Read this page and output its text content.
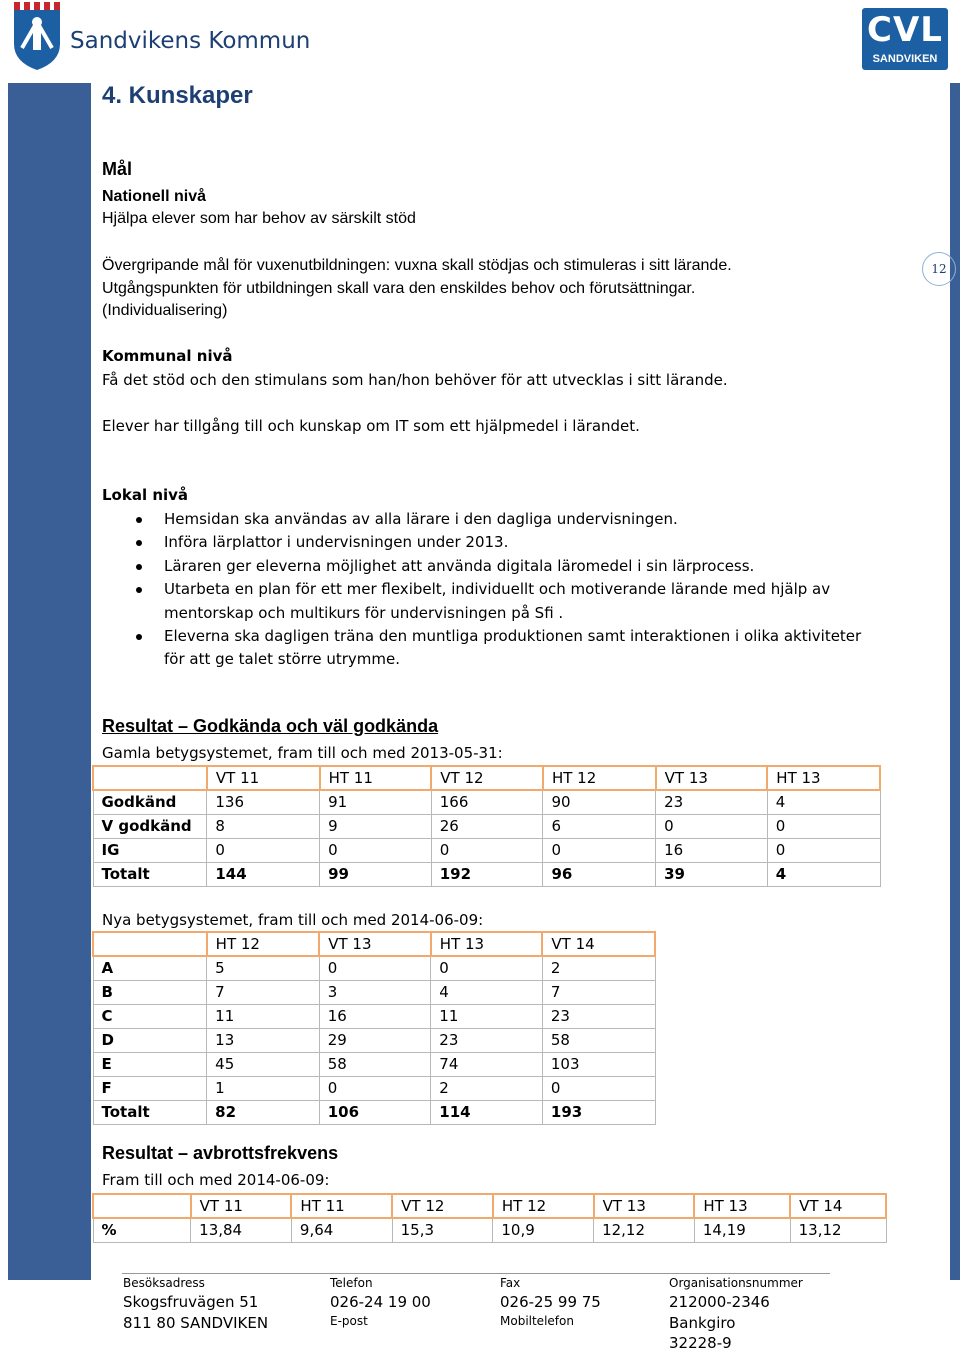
Sandvikens Kommun	CVL
SANDVIKEN
12
4. Kunskaper
Mål
Nationell nivå
Hjälpa elever som har behov av särskilt stöd
Övergripande mål för vuxenutbildningen: vuxna skall stödjas och stimuleras i sitt lärande.
Utgångspunkten för utbildningen skall vara den enskildes behov och förutsättningar.
(Individualisering)
Kommunal nivå
Få det stöd och den stimulans som han/hon behöver för att utvecklas i sitt lärande.
Elever har tillgång till och kunskap om IT som ett hjälpmedel i lärandet.
Lokal nivå
Hemsidan ska användas av alla lärare i den dagliga undervisningen.
Införa lärplattor i undervisningen under 2013.
Läraren ger eleverna möjlighet att använda digitala läromedel i sin lärprocess.
Utarbeta en plan för ett mer flexibelt, individuellt och motiverande lärande med hjälp av
mentorskap och multikurs för undervisningen på Sfi .
Eleverna ska dagligen träna den muntliga produktionen samt interaktionen i olika aktiviteter
för att ge talet större utrymme.
Resultat – Godkända och väl godkända
Gamla betygsystemet, fram till och med 2013-05-31:
	VT 11	HT 11	VT 12	HT 12	VT 13	HT 13
Godkänd	136	91	166	90	23	4
V godkänd	8	9	26	6	0	0
IG	0	0	0	0	16	0
Totalt	144	99	192	96	39	4
Nya betygsystemet, fram till och med 2014-06-09:
	HT 12	VT 13	HT 13	VT 14
A	5	0	0	2
B	7	3	4	7
C	11	16	11	23
D	13	29	23	58
E	45	58	74	103
F	1	0	2	0
Totalt	82	106	114	193
Resultat – avbrottsfrekvens
Fram till och med 2014-06-09:
	VT 11	HT 11	VT 12	HT 12	VT 13	HT 13	VT 14
%	13,84	9,64	15,3	10,9	12,12	14,19	13,12
Besöksadress
Skogsfruvägen 51
811 80 SANDVIKEN
Telefon
026-24 19 00
E-post
Fax
026-25 99 75
Mobiltelefon
Organisationsnummer
212000-2346
Bankgiro
32228-9
